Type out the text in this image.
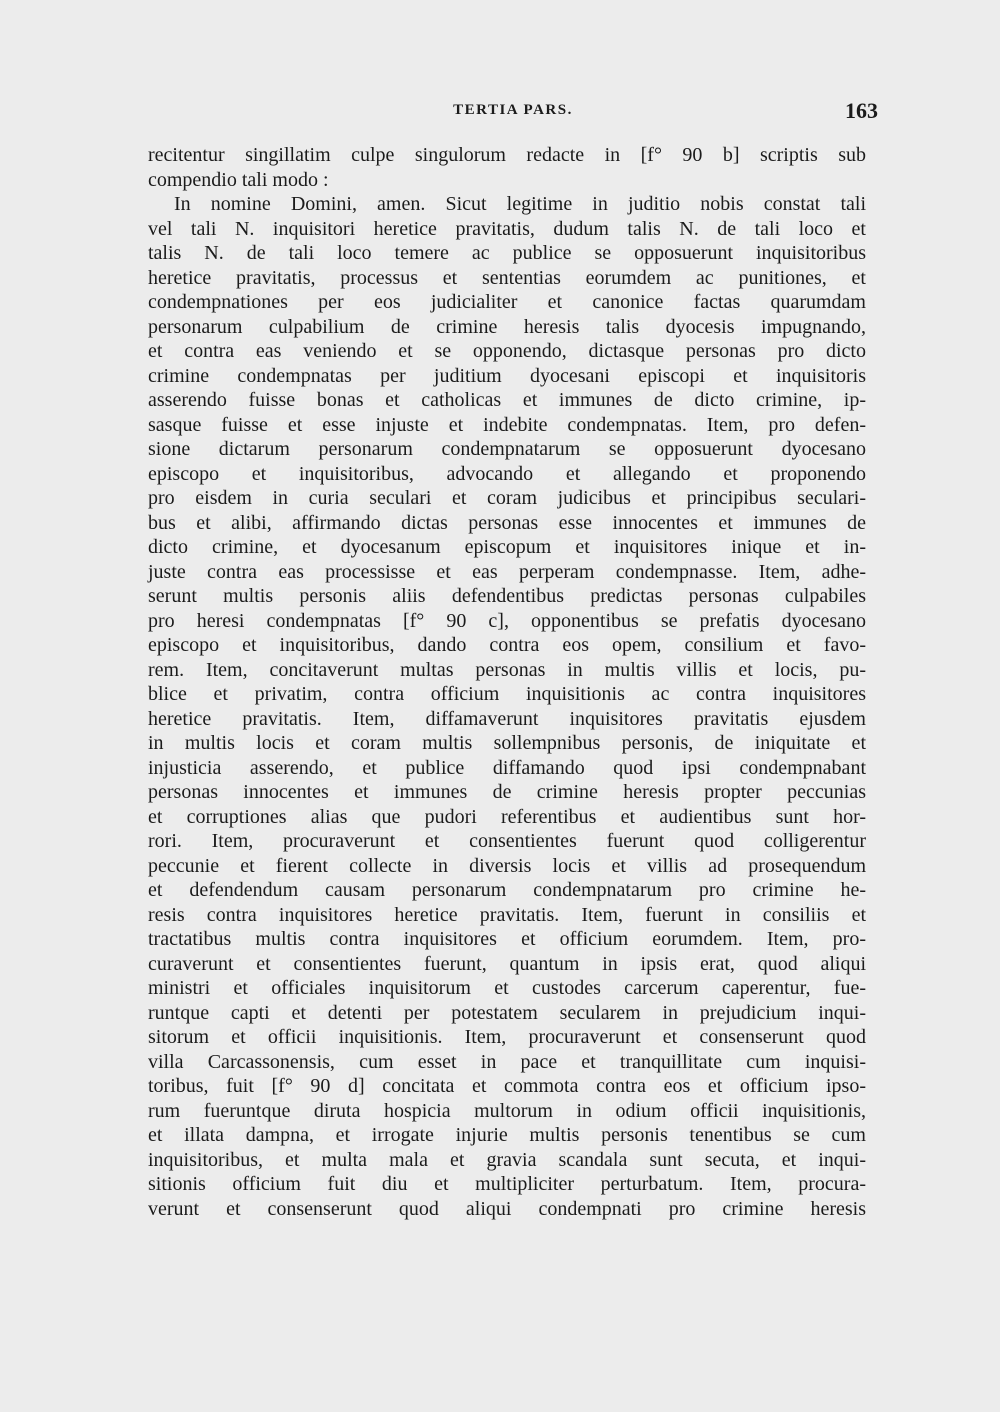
TERTIA PARS.	163
recitentur singillatim culpe singulorum redacte in [f° 90 b] scriptis sub
compendio tali modo :
In nomine Domini, amen. Sicut legitime in juditio nobis constat tali
vel tali N. inquisitori heretice pravitatis, dudum talis N. de tali loco et
talis N. de tali loco temere ac publice se opposuerunt inquisitoribus
heretice pravitatis, processus et sententias eorumdem ac punitiones, et
condempnationes per eos judicialiter et canonice factas quarumdam
personarum culpabilium de crimine heresis talis dyocesis impugnando,
et contra eas veniendo et se opponendo, dictasque personas pro dicto
crimine condempnatas per juditium dyocesani episcopi et inquisitoris
asserendo fuisse bonas et catholicas et immunes de dicto crimine, ip-
sasque fuisse et esse injuste et indebite condempnatas. Item, pro defen-
sione dictarum personarum condempnatarum se opposuerunt dyocesano
episcopo et inquisitoribus, advocando et allegando et proponendo
pro eisdem in curia seculari et coram judicibus et principibus seculari-
bus et alibi, affirmando dictas personas esse innocentes et immunes de
dicto crimine, et dyocesanum episcopum et inquisitores inique et in-
juste contra eas processisse et eas perperam condempnasse. Item, adhe-
serunt multis personis aliis defendentibus predictas personas culpabiles
pro heresi condempnatas [f° 90 c], opponentibus se prefatis dyocesano
episcopo et inquisitoribus, dando contra eos opem, consilium et favo-
rem. Item, concitaverunt multas personas in multis villis et locis, pu-
blice et privatim, contra officium inquisitionis ac contra inquisitores
heretice pravitatis. Item, diffamaverunt inquisitores pravitatis ejusdem
in multis locis et coram multis sollempnibus personis, de iniquitate et
injusticia asserendo, et publice diffamando quod ipsi condempnabant
personas innocentes et immunes de crimine heresis propter peccunias
et corruptiones alias que pudori referentibus et audientibus sunt hor-
rori. Item, procuraverunt et consentientes fuerunt quod colligerentur
peccunie et fierent collecte in diversis locis et villis ad prosequendum
et defendendum causam personarum condempnatarum pro crimine he-
resis contra inquisitores heretice pravitatis. Item, fuerunt in consiliis et
tractatibus multis contra inquisitores et officium eorumdem. Item, pro-
curaverunt et consentientes fuerunt, quantum in ipsis erat, quod aliqui
ministri et officiales inquisitorum et custodes carcerum caperentur, fue-
runtque capti et detenti per potestatem secularem in prejudicium inqui-
sitorum et officii inquisitionis. Item, procuraverunt et consenserunt quod
villa Carcassonensis, cum esset in pace et tranquillitate cum inquisi-
toribus, fuit [f° 90 d] concitata et commota contra eos et officium ipso-
rum fueruntque diruta hospicia multorum in odium officii inquisitionis,
et illata dampna, et irrogate injurie multis personis tenentibus se cum
inquisitoribus, et multa mala et gravia scandala sunt secuta, et inqui-
sitionis officium fuit diu et multipliciter perturbatum. Item, procura-
verunt et consenserunt quod aliqui condempnati pro crimine heresis
